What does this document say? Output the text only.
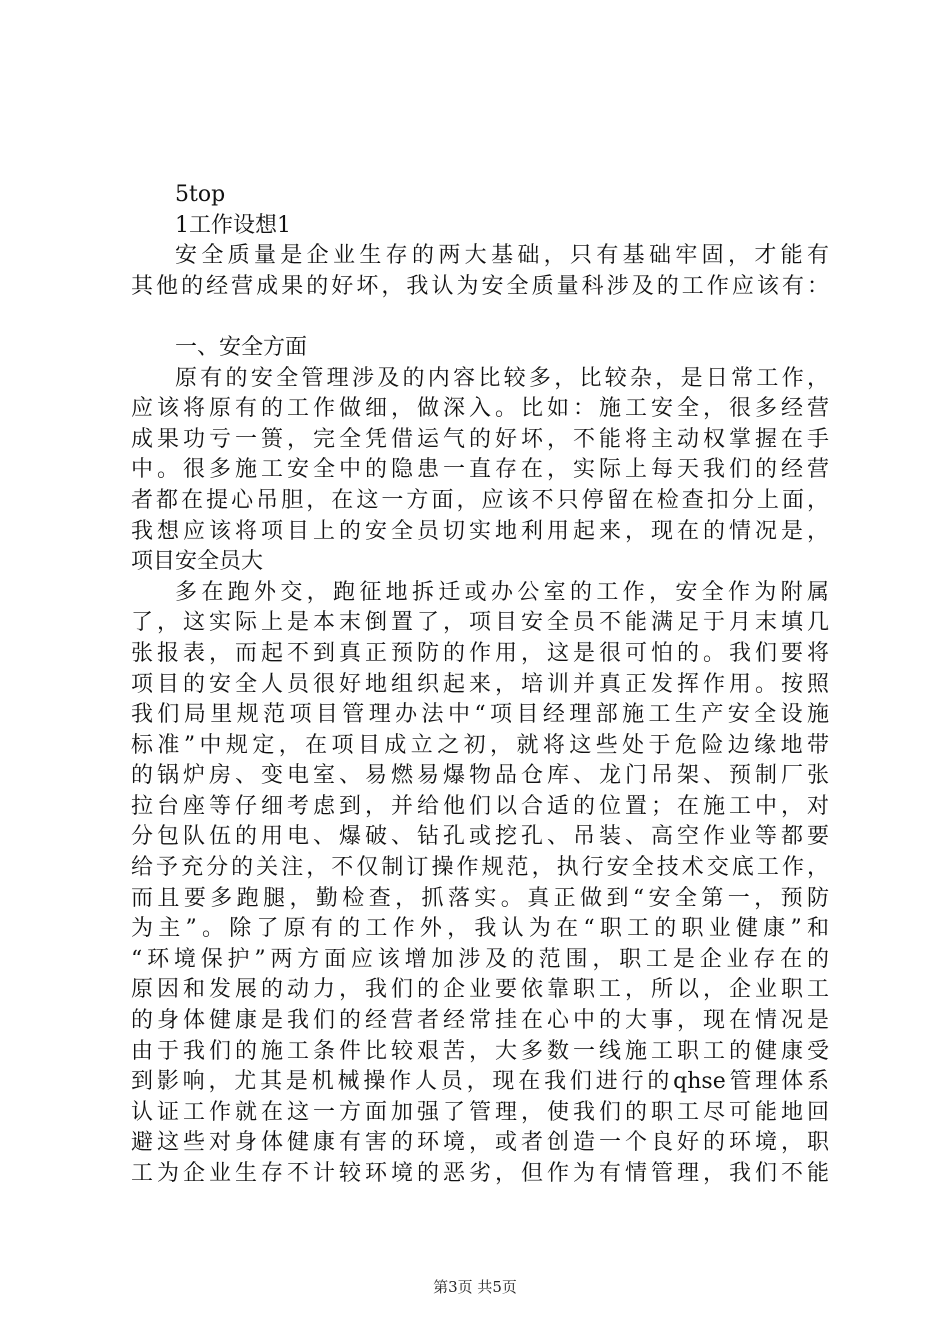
5top
1工作设想1
安全质量是企业生存的两大基础，只有基础牢固，才能有
其他的经营成果的好坏，我认为安全质量科涉及的工作应该有：
一、安全方面
原有的安全管理涉及的内容比较多，比较杂，是日常工作，
应该将原有的工作做细，做深入。比如：施工安全，很多经营
成果功亏一篑，完全凭借运气的好坏，不能将主动权掌握在手
中。很多施工安全中的隐患一直存在，实际上每天我们的经营
者都在提心吊胆，在这一方面，应该不只停留在检查扣分上面，
我想应该将项目上的安全员切实地利用起来，现在的情况是，
项目安全员大
多在跑外交，跑征地拆迁或办公室的工作，安全作为附属
了，这实际上是本末倒置了，项目安全员不能满足于月末填几
张报表，而起不到真正预防的作用，这是很可怕的。我们要将
项目的安全人员很好地组织起来，培训并真正发挥作用。按照
我们局里规范项目管理办法中“项目经理部施工生产安全设施
标准”中规定，在项目成立之初，就将这些处于危险边缘地带
的锅炉房、变电室、易燃易爆物品仓库、龙门吊架、预制厂张
拉台座等仔细考虑到，并给他们以合适的位置；在施工中，对
分包队伍的用电、爆破、钻孔或挖孔、吊装、高空作业等都要
给予充分的关注，不仅制订操作规范，执行安全技术交底工作，
而且要多跑腿，勤检查，抓落实。真正做到“安全第一，预防
为主”。除了原有的工作外，我认为在“职工的职业健康”和
“环境保护”两方面应该增加涉及的范围，职工是企业存在的
原因和发展的动力，我们的企业要依靠职工，所以，企业职工
的身体健康是我们的经营者经常挂在心中的大事，现在情况是
由于我们的施工条件比较艰苦，大多数一线施工职工的健康受
到影响，尤其是机械操作人员，现在我们进行的qhse管理体系
认证工作就在这一方面加强了管理，使我们的职工尽可能地回
避这些对身体健康有害的环境，或者创造一个良好的环境，职
工为企业生存不计较环境的恶劣，但作为有情管理，我们不能
第3页 共5页
